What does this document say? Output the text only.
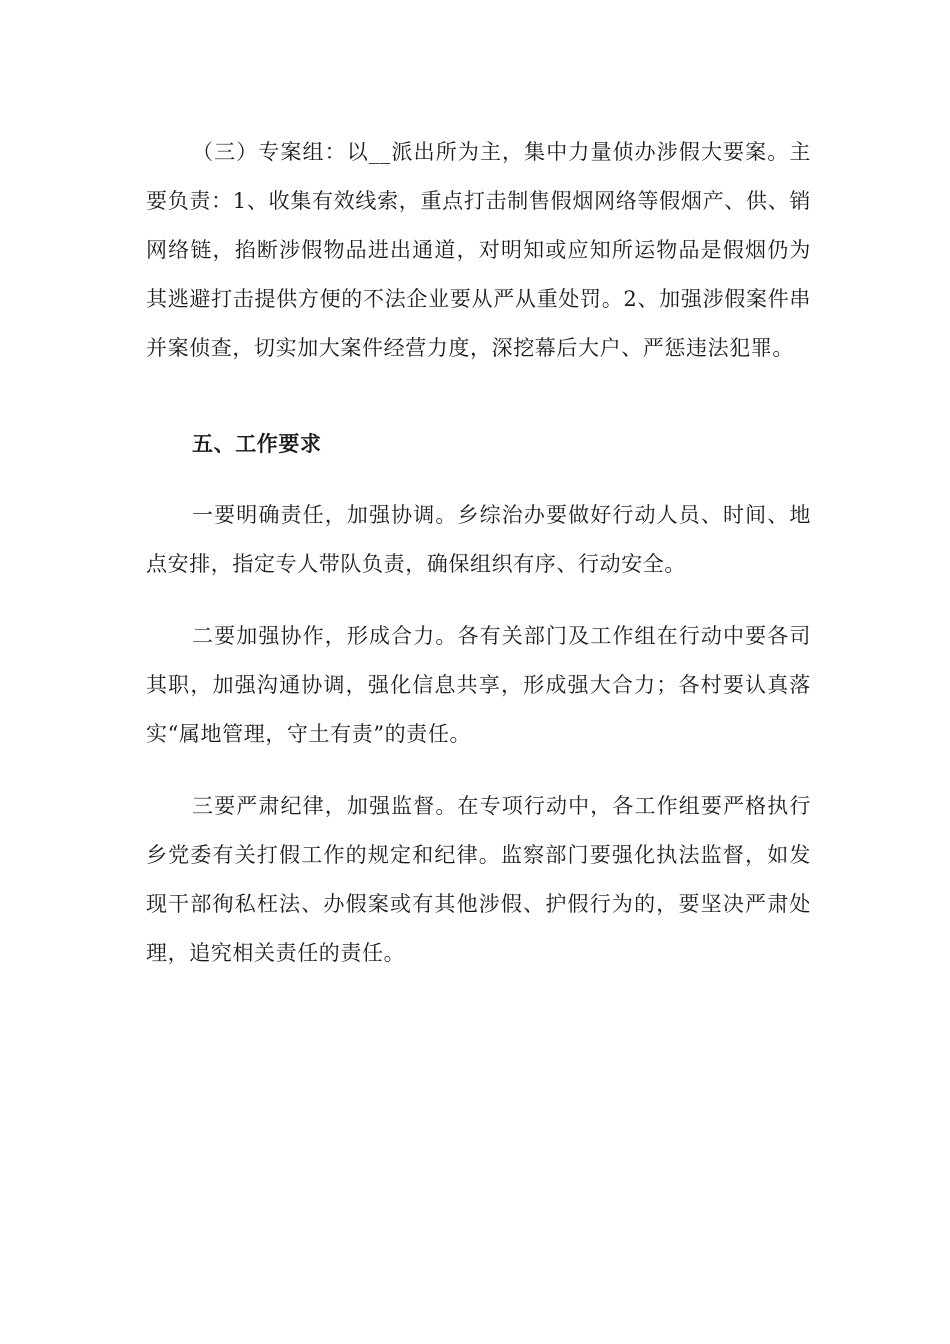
（三）专案组：以__派出所为主，集中力量侦办涉假大要案。主要负责：1、收集有效线索，重点打击制售假烟网络等假烟产、供、销网络链，掐断涉假物品进出通道，对明知或应知所运物品是假烟仍为其逃避打击提供方便的不法企业要从严从重处罚。2、加强涉假案件串并案侦查，切实加大案件经营力度，深挖幕后大户、严惩违法犯罪。

五、工作要求

一要明确责任，加强协调。乡综治办要做好行动人员、时间、地点安排，指定专人带队负责，确保组织有序、行动安全。

二要加强协作，形成合力。各有关部门及工作组在行动中要各司其职，加强沟通协调，强化信息共享，形成强大合力；各村要认真落实“属地管理，守土有责”的责任。

三要严肃纪律，加强监督。在专项行动中，各工作组要严格执行乡党委有关打假工作的规定和纪律。监察部门要强化执法监督，如发现干部徇私枉法、办假案或有其他涉假、护假行为的，要坚决严肃处理，追究相关责任的责任。
